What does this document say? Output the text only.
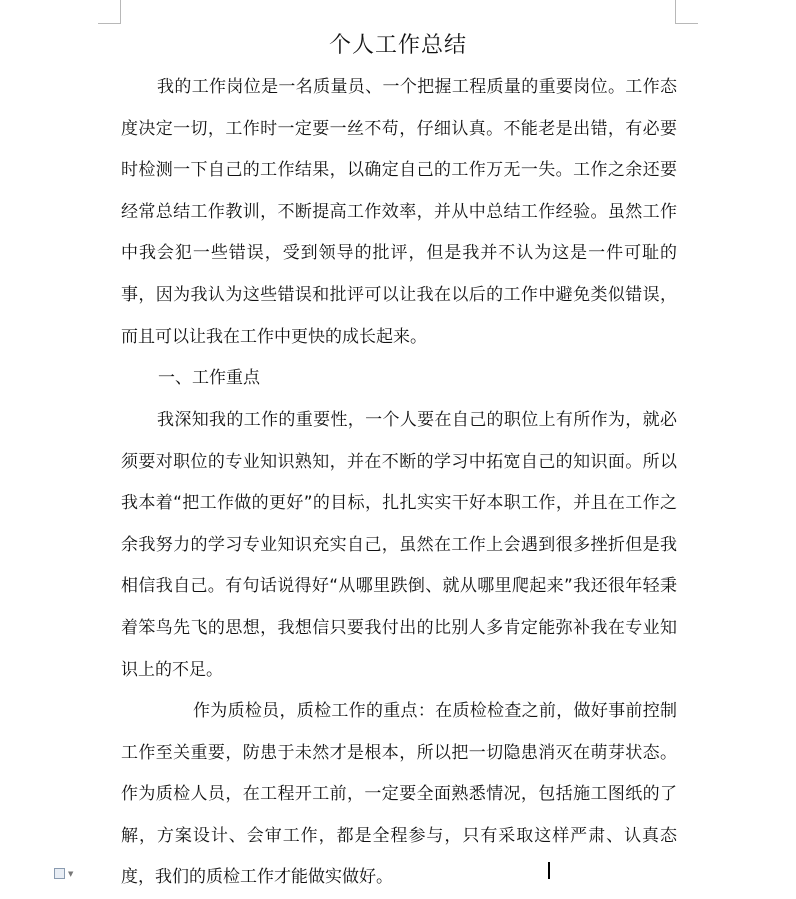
个人工作总结

我的工作岗位是一名质量员、一个把握工程质量的重要岗位。工作态度决定一切，工作时一定要一丝不苟，仔细认真。不能老是出错，有必要时检测一下自己的工作结果，以确定自己的工作万无一失。工作之余还要经常总结工作教训，不断提高工作效率，并从中总结工作经验。虽然工作中我会犯一些错误，受到领导的批评，但是我并不认为这是一件可耻的事，因为我认为这些错误和批评可以让我在以后的工作中避免类似错误，而且可以让我在工作中更快的成长起来。

一、工作重点

我深知我的工作的重要性，一个人要在自己的职位上有所作为，就必须要对职位的专业知识熟知，并在不断的学习中拓宽自己的知识面。所以我本着“把工作做的更好”的目标，扎扎实实干好本职工作，并且在工作之余我努力的学习专业知识充实自己，虽然在工作上会遇到很多挫折但是我相信我自己。有句话说得好“从哪里跌倒、就从哪里爬起来”我还很年轻秉着笨鸟先飞的思想，我想信只要我付出的比别人多肯定能弥补我在专业知识上的不足。

作为质检员，质检工作的重点：在质检检查之前，做好事前控制工作至关重要，防患于未然才是根本，所以把一切隐患消灭在萌芽状态。作为质检人员，在工程开工前，一定要全面熟悉情况，包括施工图纸的了解，方案设计、会审工作，都是全程参与，只有采取这样严肃、认真态度，我们的质检工作才能做实做好。

▼
